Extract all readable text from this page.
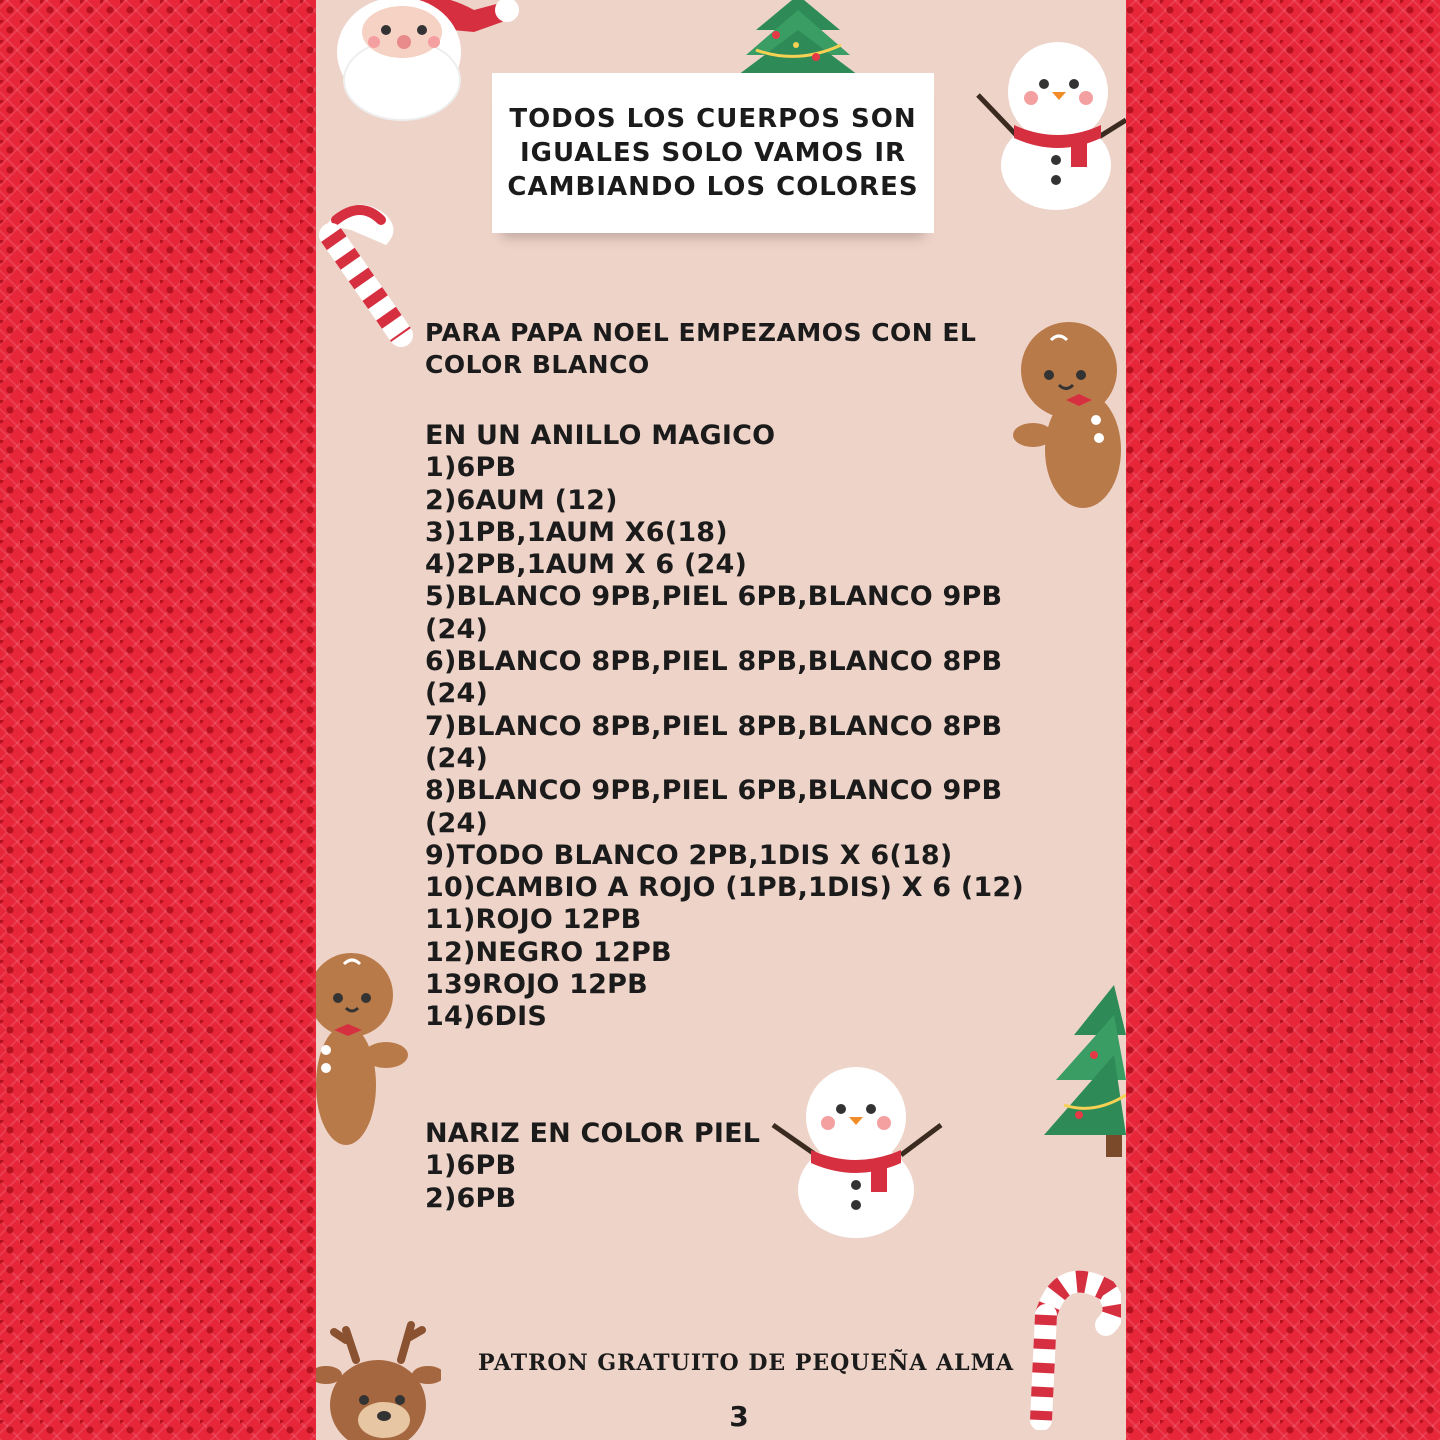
TODOS LOS CUERPOS SON
IGUALES SOLO VAMOS IR
CAMBIANDO LOS COLORES
PARA PAPA NOEL EMPEZAMOS CON EL
COLOR BLANCO
EN UN ANILLO MAGICO
1)6PB
2)6AUM (12)
3)1PB,1AUM X6(18)
4)2PB,1AUM X 6 (24)
5)BLANCO 9PB,PIEL 6PB,BLANCO 9PB
(24)
6)BLANCO 8PB,PIEL 8PB,BLANCO 8PB
(24)
7)BLANCO 8PB,PIEL 8PB,BLANCO 8PB
(24)
8)BLANCO 9PB,PIEL 6PB,BLANCO 9PB
(24)
9)TODO BLANCO 2PB,1DIS X 6(18)
10)CAMBIO A ROJO (1PB,1DIS) X 6 (12)
11)ROJO 12PB
12)NEGRO 12PB
139ROJO 12PB
14)6DIS
NARIZ EN COLOR PIEL
1)6PB
2)6PB
PATRON GRATUITO DE PEQUEÑA ALMA
3
